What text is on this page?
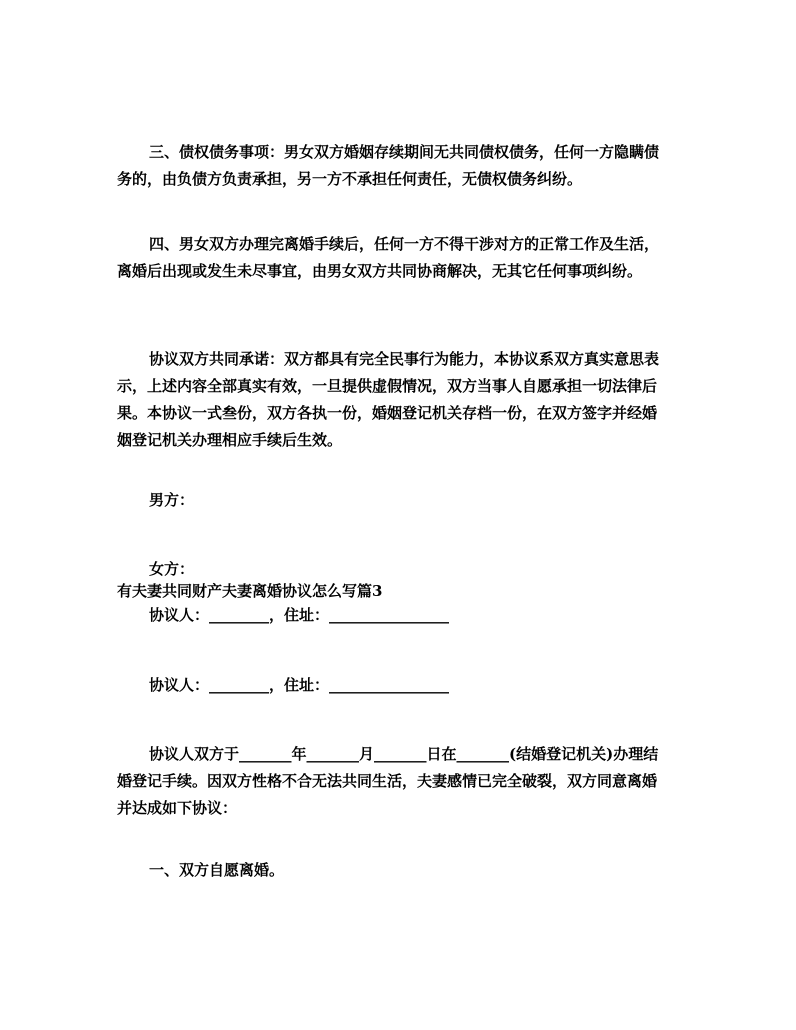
三、债权债务事项：男女双方婚姻存续期间无共同债权债务，任何一方隐瞒债务的，由负债方负责承担，另一方不承担任何责任，无债权债务纠纷。

四、男女双方办理完离婚手续后，任何一方不得干涉对方的正常工作及生活，离婚后出现或发生未尽事宜，由男女双方共同协商解决，无其它任何事项纠纷。

协议双方共同承诺：双方都具有完全民事行为能力，本协议系双方真实意思表示，上述内容全部真实有效，一旦提供虚假情况，双方当事人自愿承担一切法律后果。本协议一式叁份，双方各执一份，婚姻登记机关存档一份，在双方签字并经婚姻登记机关办理相应手续后生效。

男方：

女方：

有夫妻共同财产夫妻离婚协议怎么写篇3

协议人：________，住址：________________

协议人：________，住址：________________

协议人双方于_______年_______月_______日在_______(结婚登记机关)办理结婚登记手续。因双方性格不合无法共同生活，夫妻感情已完全破裂，双方同意离婚并达成如下协议：

一、双方自愿离婚。
